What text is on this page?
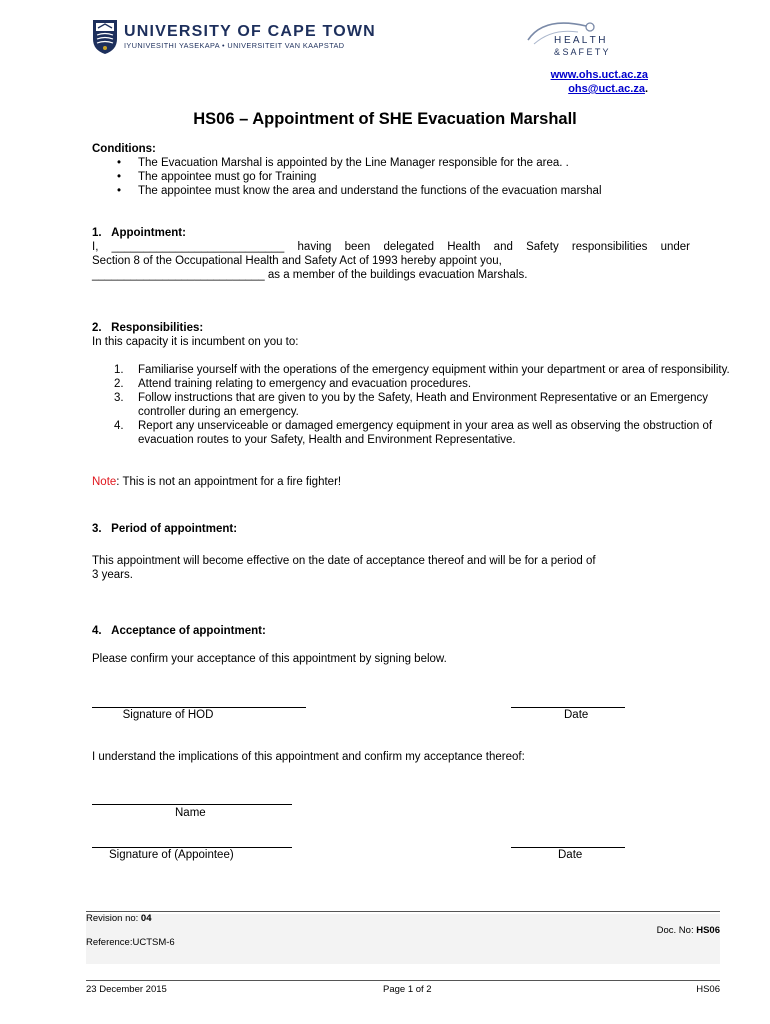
UNIVERSITY OF CAPE TOWN
IYUNIVESITHI YASEKAPA • UNIVERSITEIT VAN KAAPSTAD	H E A L T H
& S A F E T Y
www.ohs.uct.ac.za
ohs@uct.ac.za.
HS06 – Appointment of SHE Evacuation Marshall
Conditions:
• The Evacuation Marshal is appointed by the Line Manager responsible for the area. .
• The appointee must go for Training
• The appointee must know the area and understand the functions of the evacuation marshal
1.   Appointment:
I, ___________________________ having been delegated Health and Safety responsibilities under
Section 8 of the Occupational Health and Safety Act of 1993 hereby appoint you,
___________________________ as a member of the buildings evacuation Marshals.
2.   Responsibilities:
In this capacity it is incumbent on you to:
1. Familiarise yourself with the operations of the emergency equipment within your department or area of responsibility.
2. Attend training relating to emergency and evacuation procedures.
3. Follow instructions that are given to you by the Safety, Heath and Environment Representative or an Emergency controller during an emergency.
4. Report any unserviceable or damaged emergency equipment in your area as well as observing the obstruction of evacuation routes to your Safety, Health and Environment Representative.
Note: This is not an appointment for a fire fighter!
3.   Period of appointment:
This appointment will become effective on the date of acceptance thereof and will be for a period of
3 years.
4.   Acceptance of appointment:
Please confirm your acceptance of this appointment by signing below.
Signature of HOD	Date
I understand the implications of this appointment and confirm my acceptance thereof:
Name
Signature of (Appointee)	Date
Revision no: 04
Doc. No: HS06
Reference:UCTSM-6
23 December 2015	Page 1 of 2	HS06
